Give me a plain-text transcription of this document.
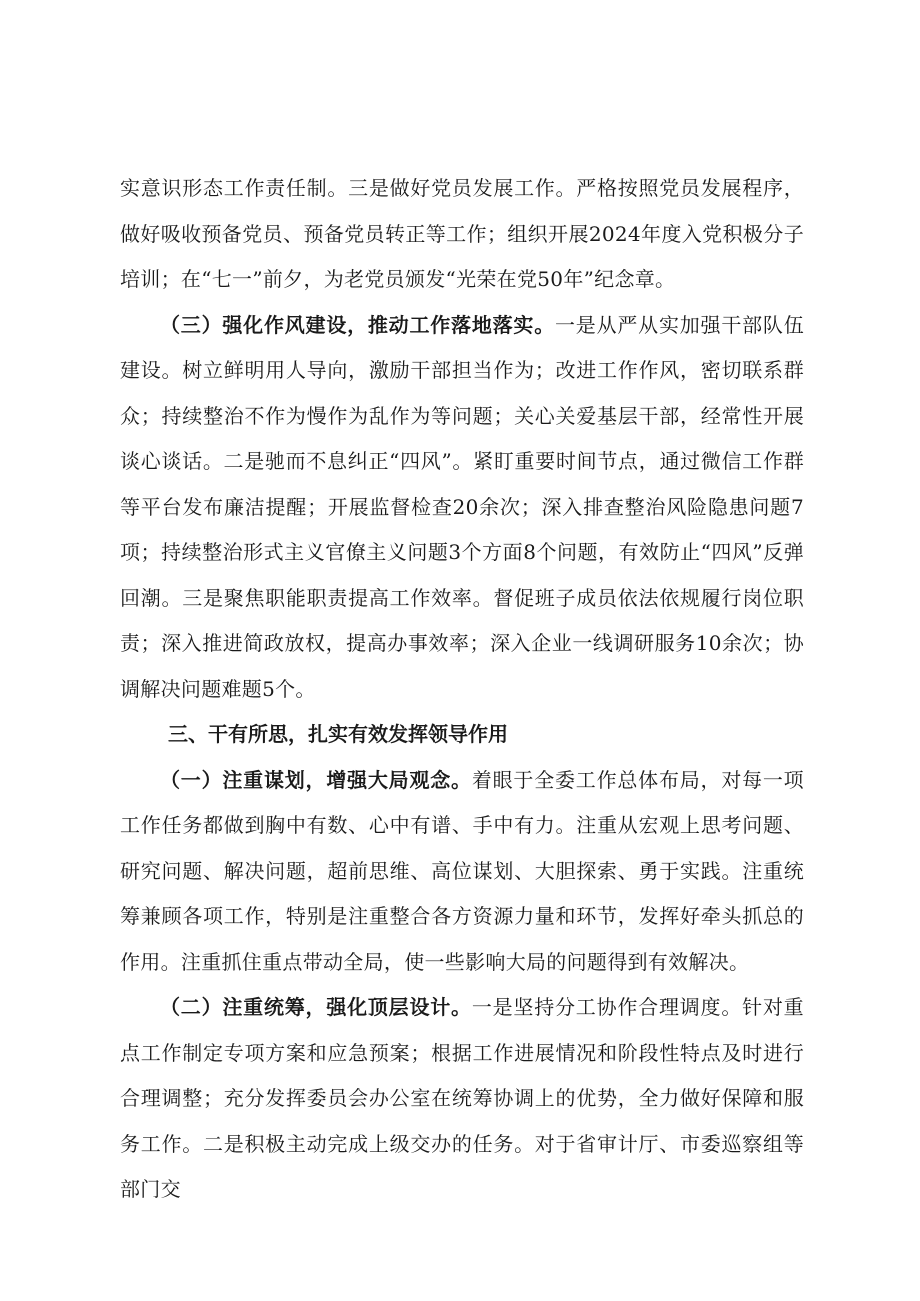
实意识形态工作责任制。三是做好党员发展工作。严格按照党员发展程序，做好吸收预备党员、预备党员转正等工作；组织开展2024年度入党积极分子培训；在“七一”前夕，为老党员颁发“光荣在党50年”纪念章。

（三）强化作风建设，推动工作落地落实。一是从严从实加强干部队伍建设。树立鲜明用人导向，激励干部担当作为；改进工作作风，密切联系群众；持续整治不作为慢作为乱作为等问题；关心关爱基层干部，经常性开展谈心谈话。二是驰而不息纠正“四风”。紧盯重要时间节点，通过微信工作群等平台发布廉洁提醒；开展监督检查20余次；深入排查整治风险隐患问题7项；持续整治形式主义官僚主义问题3个方面8个问题，有效防止“四风”反弹回潮。三是聚焦职能职责提高工作效率。督促班子成员依法依规履行岗位职责；深入推进简政放权，提高办事效率；深入企业一线调研服务10余次；协调解决问题难题5个。

三、干有所思，扎实有效发挥领导作用

（一）注重谋划，增强大局观念。着眼于全委工作总体布局，对每一项工作任务都做到胸中有数、心中有谱、手中有力。注重从宏观上思考问题、研究问题、解决问题，超前思维、高位谋划、大胆探索、勇于实践。注重统筹兼顾各项工作，特别是注重整合各方资源力量和环节，发挥好牵头抓总的作用。注重抓住重点带动全局，使一些影响大局的问题得到有效解决。

（二）注重统筹，强化顶层设计。一是坚持分工协作合理调度。针对重点工作制定专项方案和应急预案；根据工作进展情况和阶段性特点及时进行合理调整；充分发挥委员会办公室在统筹协调上的优势，全力做好保障和服务工作。二是积极主动完成上级交办的任务。对于省审计厅、市委巡察组等部门交
